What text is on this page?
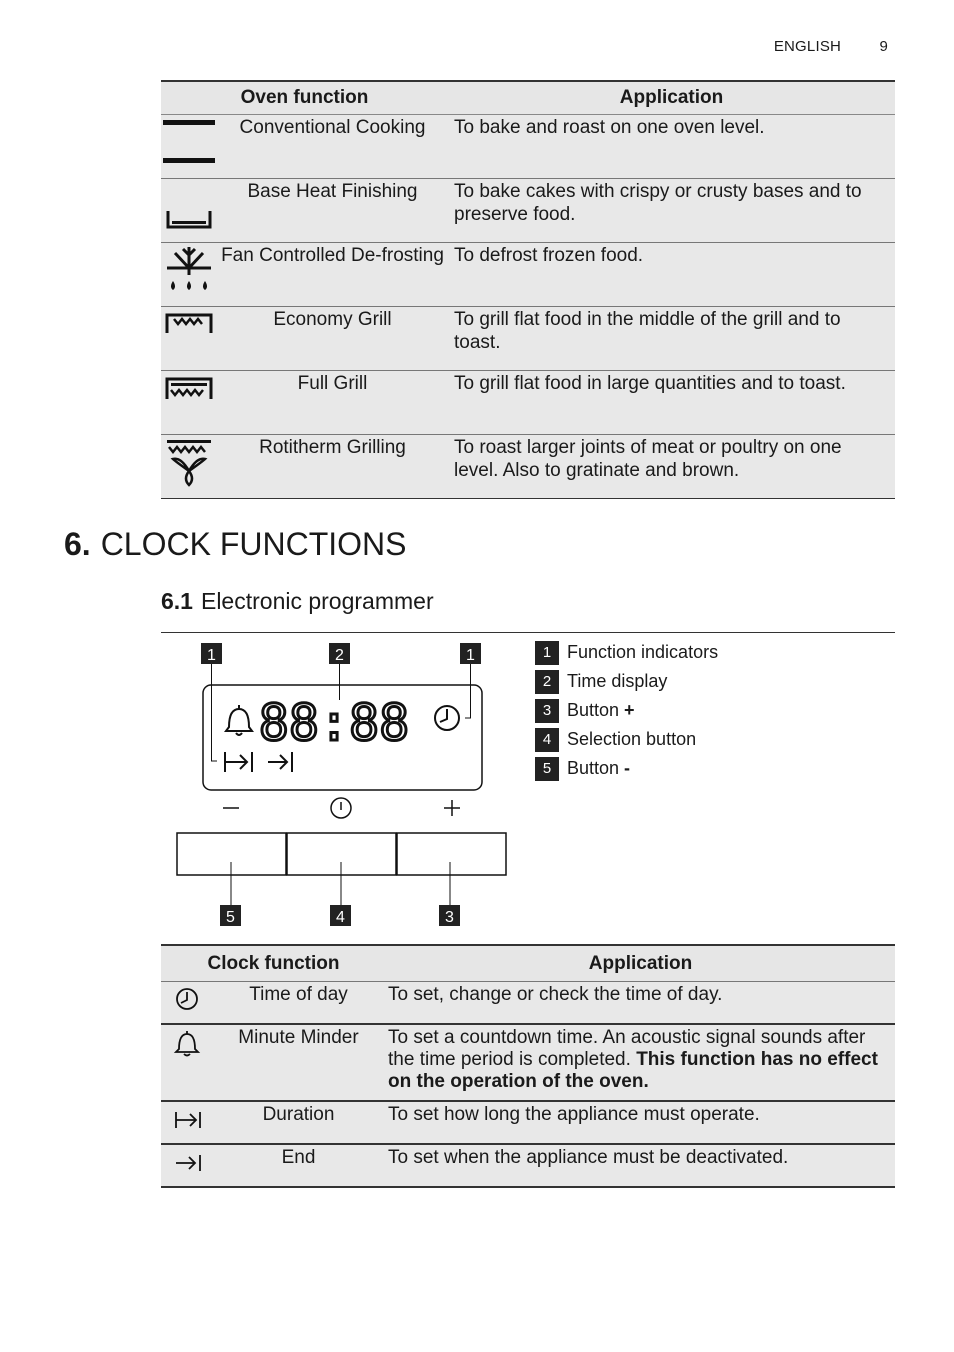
ENGLISH	9
Oven function		Application
	Conventional Cooking	To bake and roast on one oven level.
	Base Heat Finishing	To bake cakes with crispy or crusty bases and to preserve food.
	Fan Controlled De-frosting	To defrost frozen food.
	Economy Grill	To grill flat food in the middle of the grill and to toast.
	Full Grill	To grill flat food in large quantities and to toast.
	Rotitherm Grilling	To roast larger joints of meat or poultry on one level. Also to gratinate and brown.
6. CLOCK FUNCTIONS
6.1 Electronic programmer
1	2	1
88:88
5	4	3
1 Function indicators
2 Time display
3 Button +
4 Selection button
5 Button -
Clock function		Application
	Time of day	To set, change or check the time of day.
	Minute Minder	To set a countdown time. An acoustic signal sounds after the time period is completed. This function has no effect on the operation of the oven.
	Duration	To set how long the appliance must operate.
	End	To set when the appliance must be deactivated.
